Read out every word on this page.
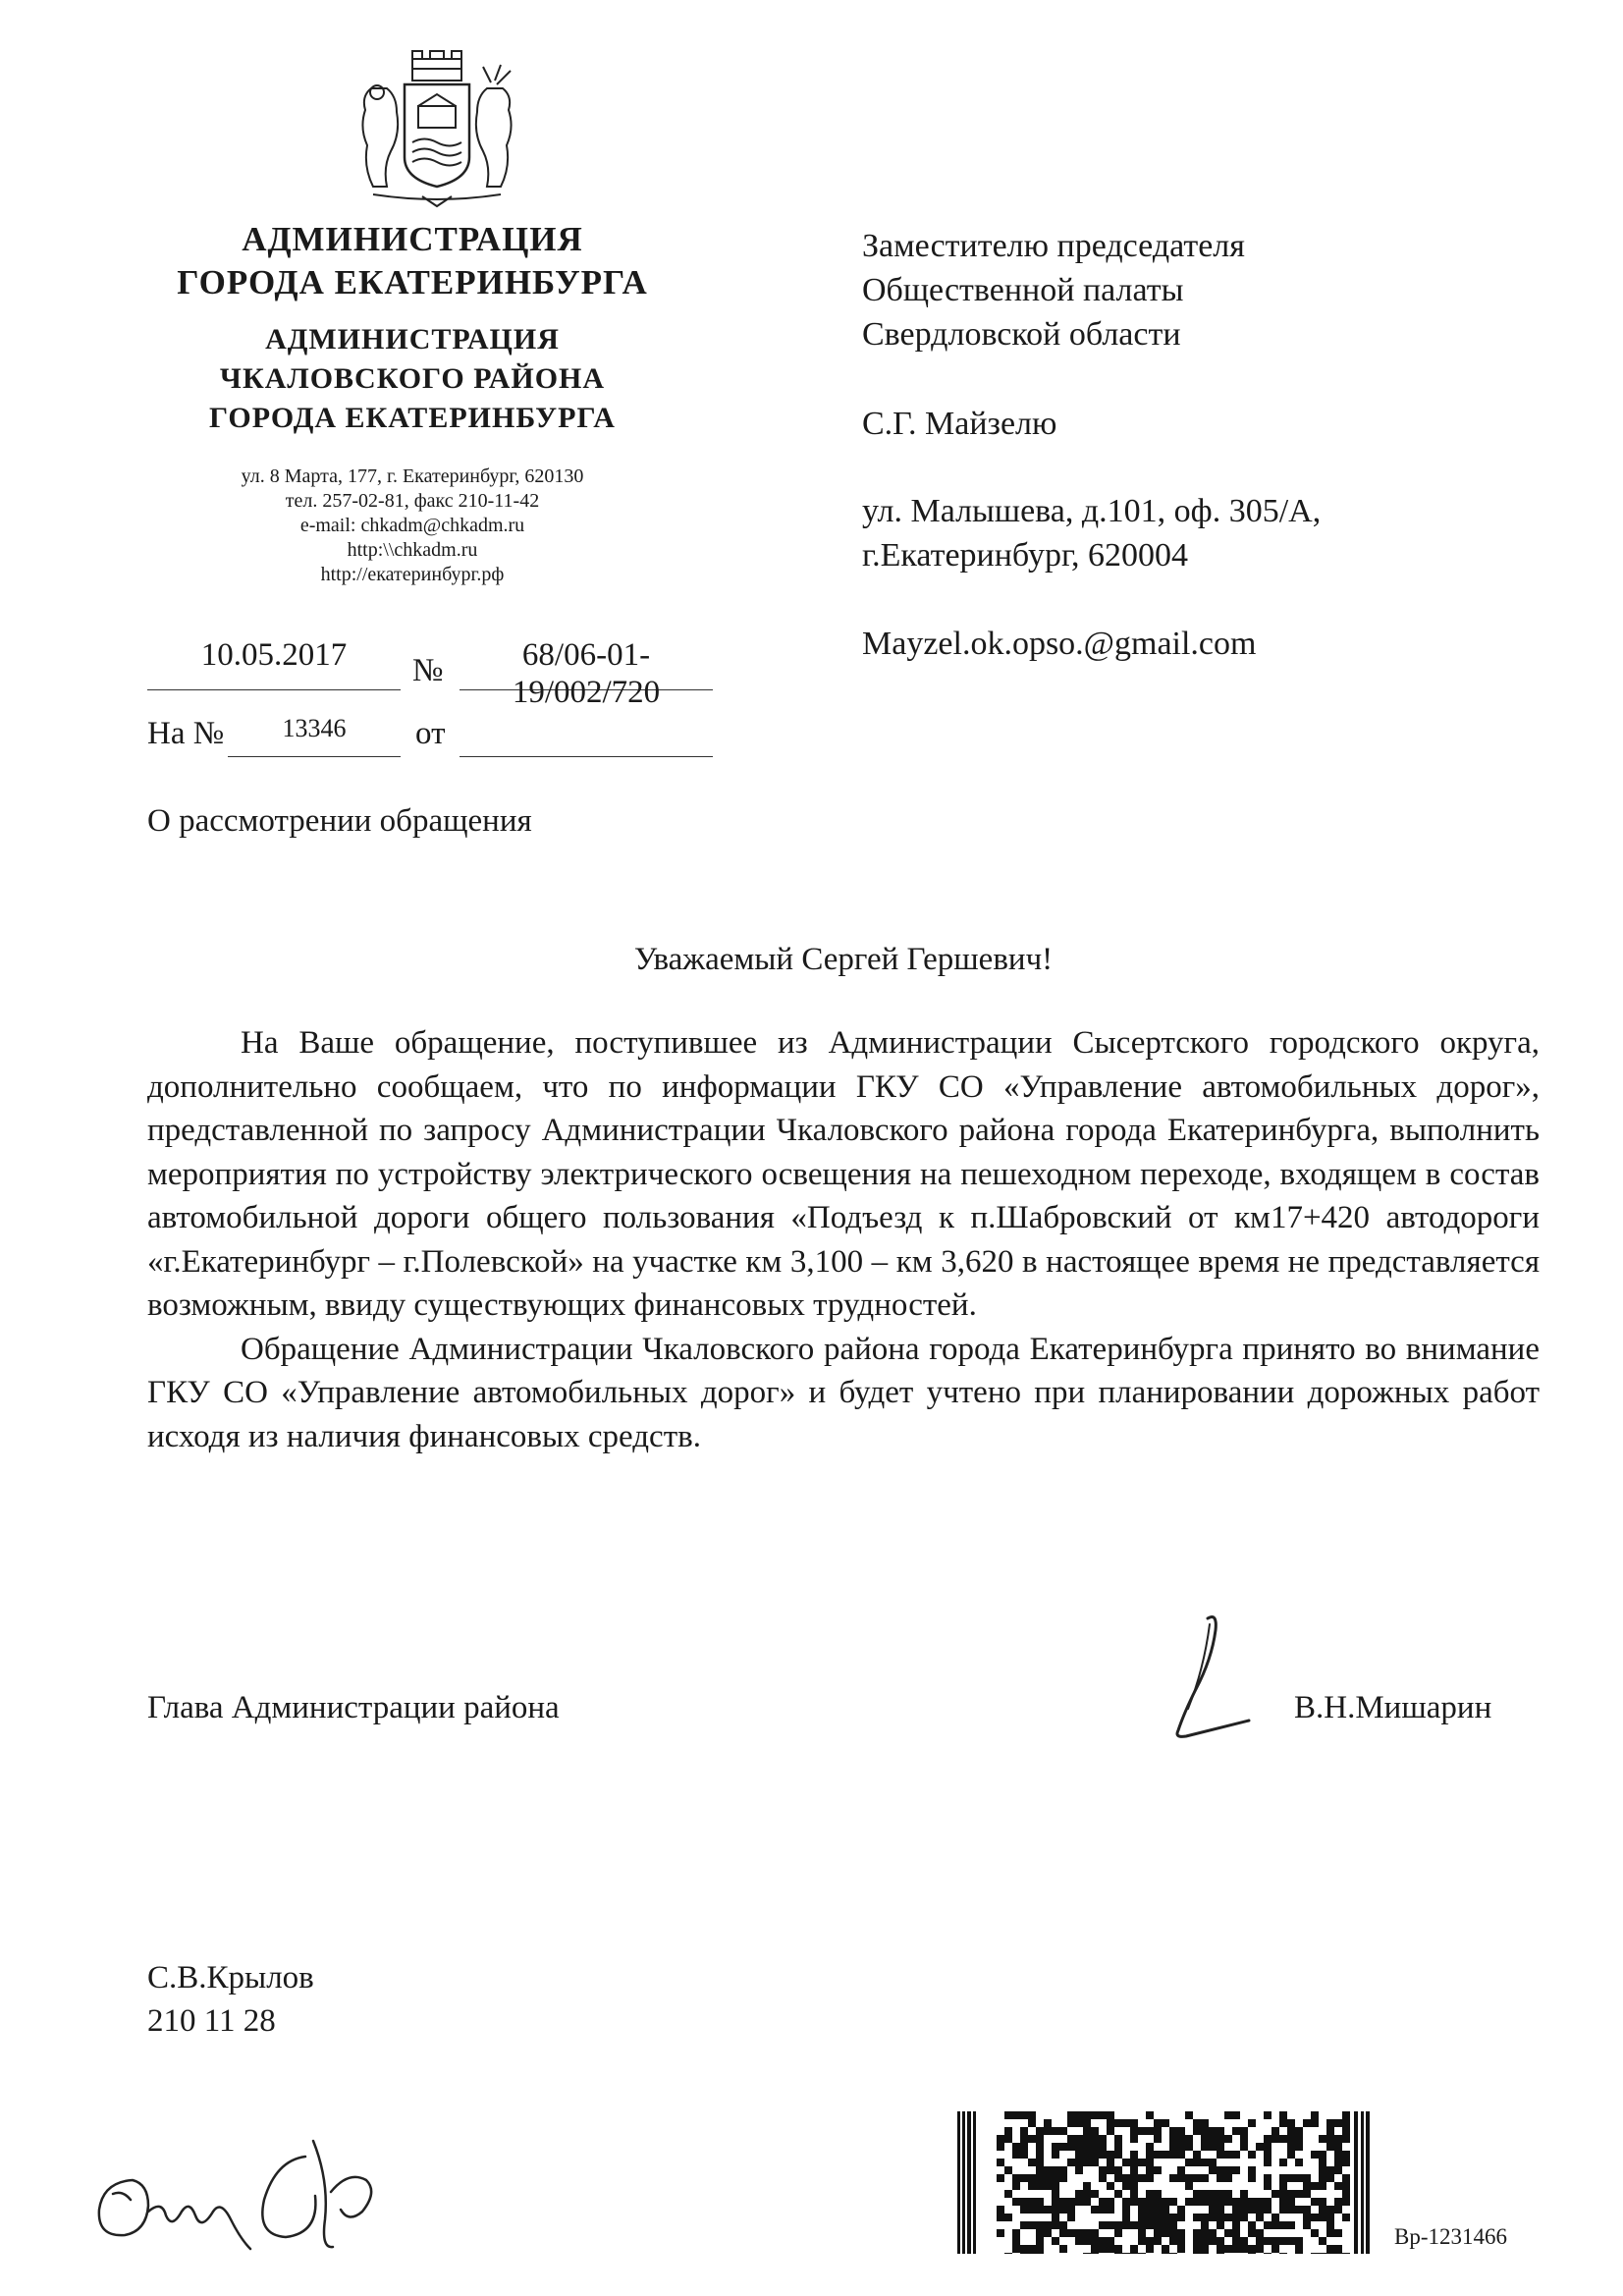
АДМИНИСТРАЦИЯ
ГОРОДА ЕКАТЕРИНБУРГА
АДМИНИСТРАЦИЯ
ЧКАЛОВСКОГО РАЙОНА
ГОРОДА ЕКАТЕРИНБУРГА
ул. 8 Марта, 177, г. Екатеринбург, 620130
тел. 257-02-81, факс 210-11-42
e-mail: chkadm@chkadm.ru
http:\\chkadm.ru
http://екатеринбург.рф
10.05.2017	№	68/06-01-19/002/720
На №	13346	от
Заместителю председателя
Общественной палаты
Свердловской области
С.Г. Майзелю
ул. Малышева, д.101, оф. 305/А,
г.Екатеринбург, 620004
Mayzel.ok.opso.@gmail.com
О рассмотрении обращения
Уважаемый Сергей Гершевич!

На Ваше обращение, поступившее из Администрации Сысертского городского округа, дополнительно сообщаем, что по информации ГКУ СО «Управление автомобильных дорог», представленной по запросу Администрации Чкаловского района города Екатеринбурга, выполнить мероприятия по устройству электрического освещения на пешеходном переходе, входящем в состав автомобильной дороги общего пользования «Подъезд к п.Шабровский от км17+420 автодороги «г.Екатеринбург – г.Полевской» на участке км 3,100 – км 3,620 в настоящее время не представляется возможным, ввиду существующих финансовых трудностей.

Обращение Администрации Чкаловского района города Екатеринбурга принято во внимание ГКУ СО «Управление автомобильных дорог» и будет учтено при планировании дорожных работ исходя из наличия финансовых средств.

Глава Администрации района	В.Н.Мишарин
С.В.Крылов
210 11 28
Вр-1231466
